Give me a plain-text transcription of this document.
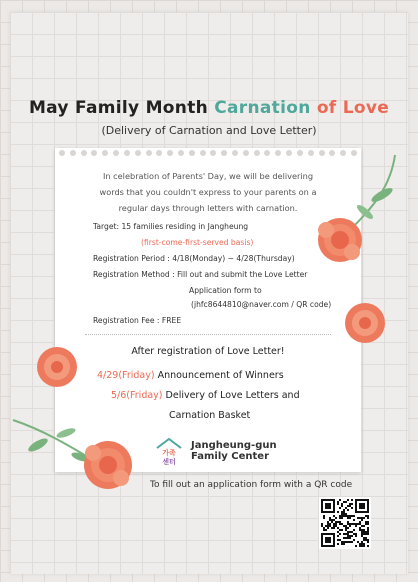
May Family Month Carnation of Love
(Delivery of Carnation and Love Letter)
In celebration of Parents' Day, we will be delivering
words that you couldn't express to your parents on a
regular days through letters with carnation.
Target: 15 families residing in Jangheung
(first-come-first-served basis)
Registration Period : 4/18(Monday) ~ 4/28(Thursday)
Registration Method : Fill out and submit the Love Letter
Application form to
(jhfc8644810@naver.com / QR code)
Registration Fee : FREE
After registration of Love Letter!
4/29(Friday) Announcement of Winners
5/6(Friday) Delivery of Love Letters and
Carnation Basket
가족
센터
Jangheung-gun
Family Center
To fill out an application form with a QR code
